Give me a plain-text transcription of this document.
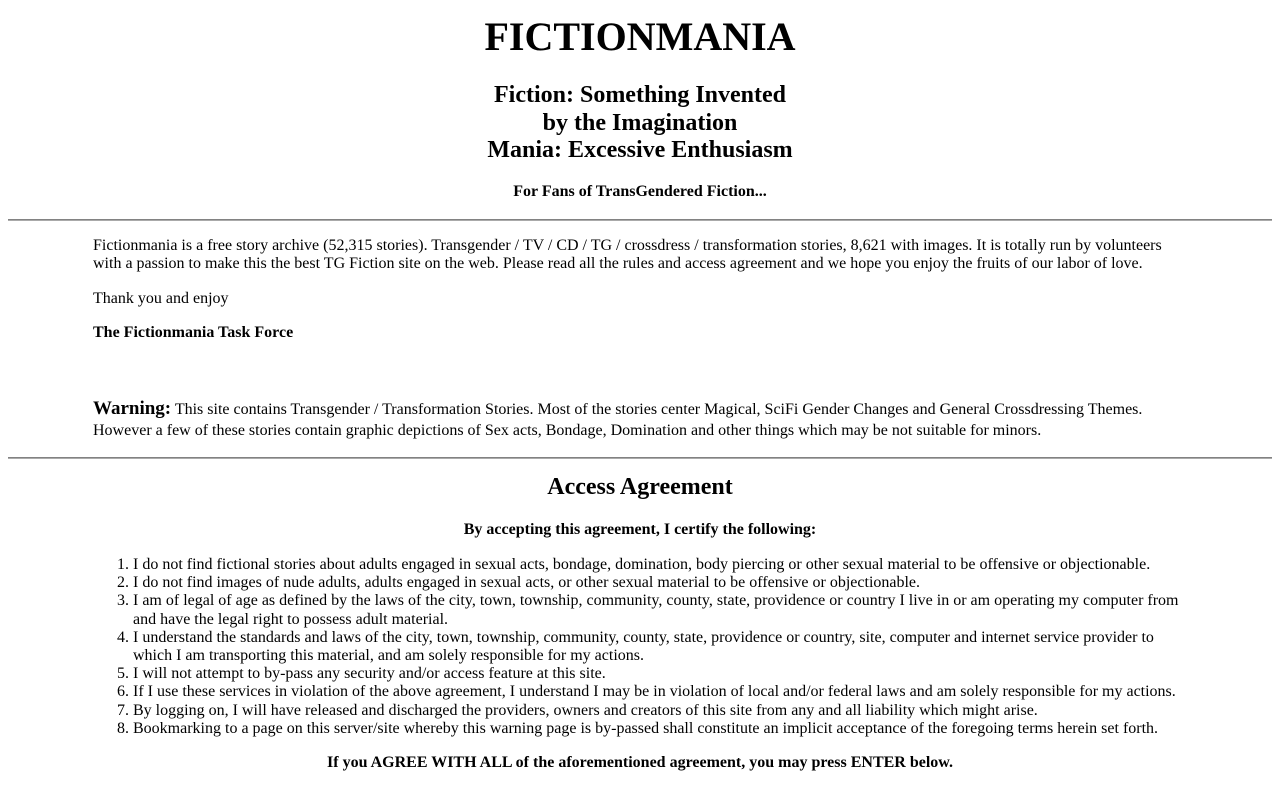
FICTIONMANIA
Fiction: Something Invented
by the Imagination
Mania: Excessive Enthusiasm
For Fans of TransGendered Fiction...

Fictionmania is a free story archive (52,315 stories). Transgender / TV / CD / TG / crossdress / transformation stories, 8,621 with images. It is totally run by volunteers with a passion to make this the best TG Fiction site on the web. Please read all the rules and access agreement and we hope you enjoy the fruits of our labor of love.

Thank you and enjoy

The Fictionmania Task Force

Warning: This site contains Transgender / Transformation Stories. Most of the stories center Magical, SciFi Gender Changes and General Crossdressing Themes. However a few of these stories contain graphic depictions of Sex acts, Bondage, Domination and other things which may be not suitable for minors.

Access Agreement
By accepting this agreement, I certify the following:
1. I do not find fictional stories about adults engaged in sexual acts, bondage, domination, body piercing or other sexual material to be offensive or objectionable.
2. I do not find images of nude adults, adults engaged in sexual acts, or other sexual material to be offensive or objectionable.
3. I am of legal of age as defined by the laws of the city, town, township, community, county, state, providence or country I live in or am operating my computer from and have the legal right to possess adult material.
4. I understand the standards and laws of the city, town, township, community, county, state, providence or country, site, computer and internet service provider to which I am transporting this material, and am solely responsible for my actions.
5. I will not attempt to by-pass any security and/or access feature at this site.
6. If I use these services in violation of the above agreement, I understand I may be in violation of local and/or federal laws and am solely responsible for my actions.
7. By logging on, I will have released and discharged the providers, owners and creators of this site from any and all liability which might arise.
8. Bookmarking to a page on this server/site whereby this warning page is by-passed shall constitute an implicit acceptance of the foregoing terms herein set forth.

If you AGREE WITH ALL of the aforementioned agreement, you may press ENTER below.
